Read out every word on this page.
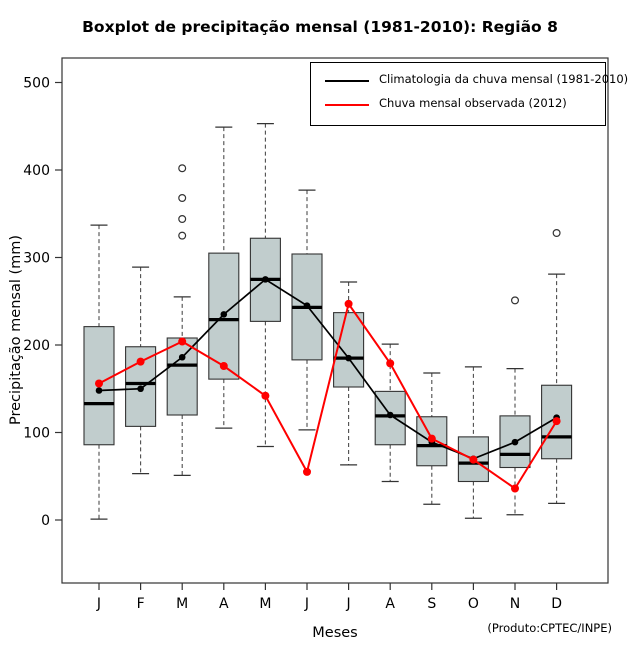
Boxplot de precipitação mensal (1981-2010): Região 8
0
100
200
300
400
500
Precipitação mensal (mm)
J	F M A M J	J A S O N D
Meses
Climatologia da chuva mensal (1981-2010)
Chuva mensal observada (2012)
(Produto:CPTEC/INPE)
